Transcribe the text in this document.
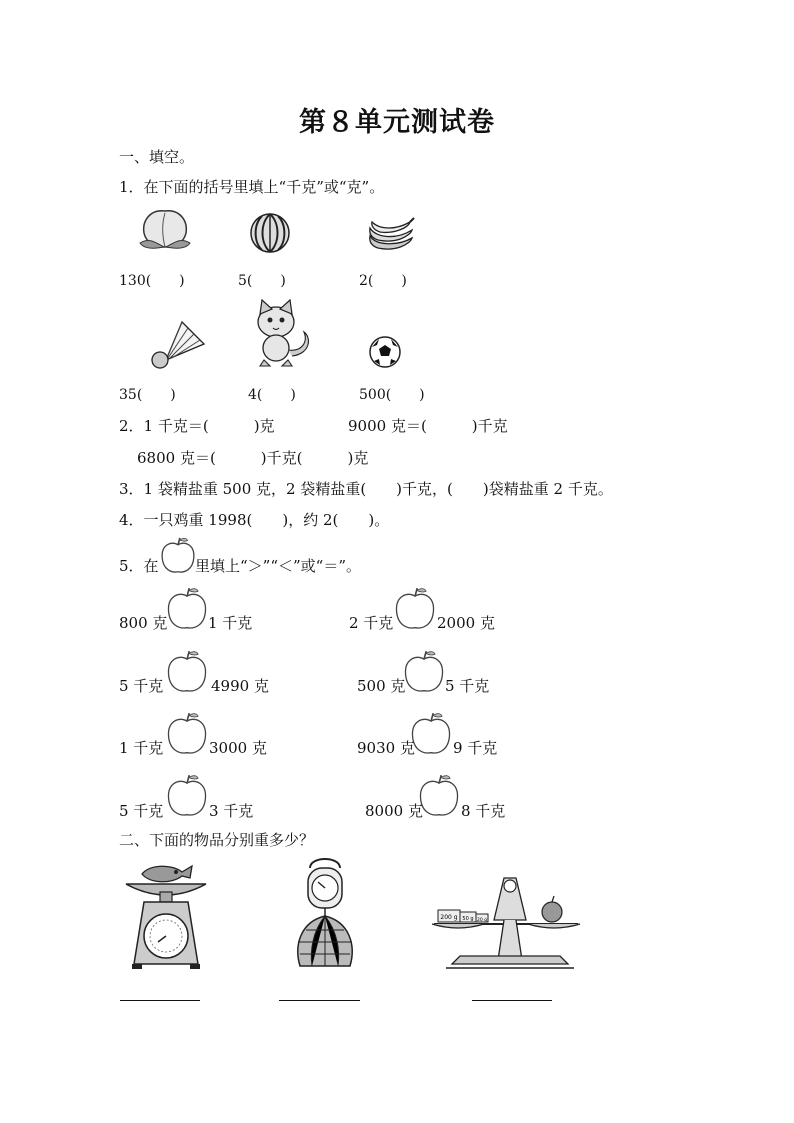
第８单元测试卷
一、填空。
1．在下面的括号里填上“千克”或“克”。
130(　　)	5(　　)	2(　　)
35(　　)	4(　　)	500(　　)
2．1 千克＝(　　　)克	9000 克＝(　　　)千克
6800 克＝(　　　)千克(　　　)克
3．1 袋精盐重 500 克，2 袋精盐重(　　)千克，(　　)袋精盐重 2 千克。
4．一只鸡重 1998(　　)，约 2(　　)。
5．在 里填上“＞”“＜”或“＝”。
800 克	1 千克	2 千克	2000 克
5 千克	4990 克	500 克	5 千克
1 千克	3000 克	9030 克	9 千克
5 千克	3 千克	8000 克	8 千克
二、下面的物品分别重多少？
200 g 50 g 20 g
